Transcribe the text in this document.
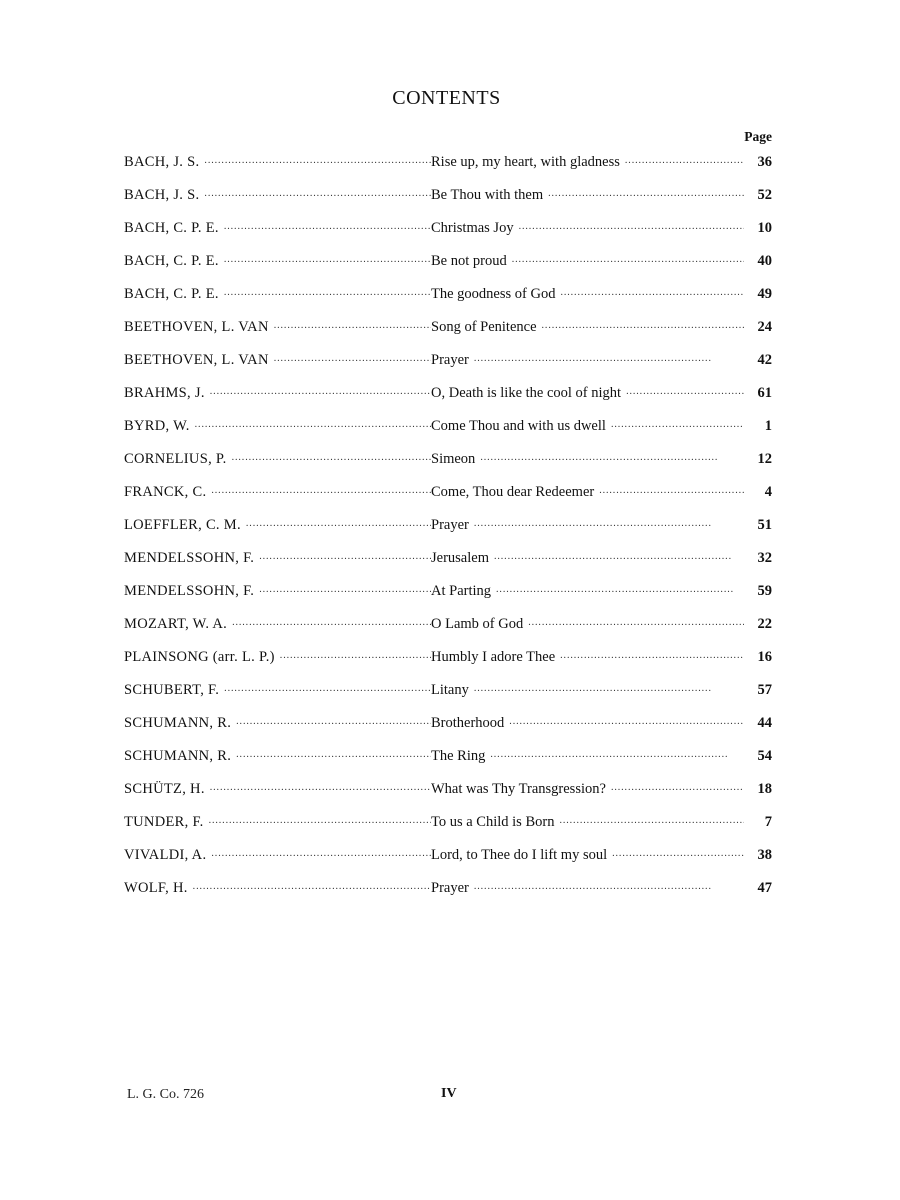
CONTENTS
Page
BACH, J. S. . . .	Rise up, my heart, with gladness . . .	36
BACH, J. S. . . .	Be Thou with them . . .	52
BACH, C. P. E. . . .	Christmas Joy . . .	10
BACH, C. P. E. . . .	Be not proud . . .	40
BACH, C. P. E. . . .	The goodness of God . . .	49
BEETHOVEN, L. VAN . . .	Song of Penitence . . .	24
BEETHOVEN, L. VAN . . .	Prayer . . .	42
BRAHMS, J. . . .	O, Death is like the cool of night . . .	61
BYRD, W. . . .	Come Thou and with us dwell . . .	1
CORNELIUS, P. . . .	Simeon . . .	12
FRANCK, C. . . .	Come, Thou dear Redeemer . . .	4
LOEFFLER, C. M. . . .	Prayer . . .	51
MENDELSSOHN, F. . . .	Jerusalem . . .	32
MENDELSSOHN, F. . . .	At Parting . . .	59
MOZART, W. A. . . .	O Lamb of God . . .	22
PLAINSONG (arr. L. P.) . . .	Humbly I adore Thee . . .	16
SCHUBERT, F. . . .	Litany . . .	57
SCHUMANN, R. . . .	Brotherhood . . .	44
SCHUMANN, R. . . .	The Ring . . .	54
SCHÜTZ, H. . . .	What was Thy Transgression? . . .	18
TUNDER, F. . . .	To us a Child is Born . . .	7
VIVALDI, A. . . .	Lord, to Thee do I lift my soul . . .	38
WOLF, H. . . .	Prayer . . .	47
L. G. Co. 726	IV
